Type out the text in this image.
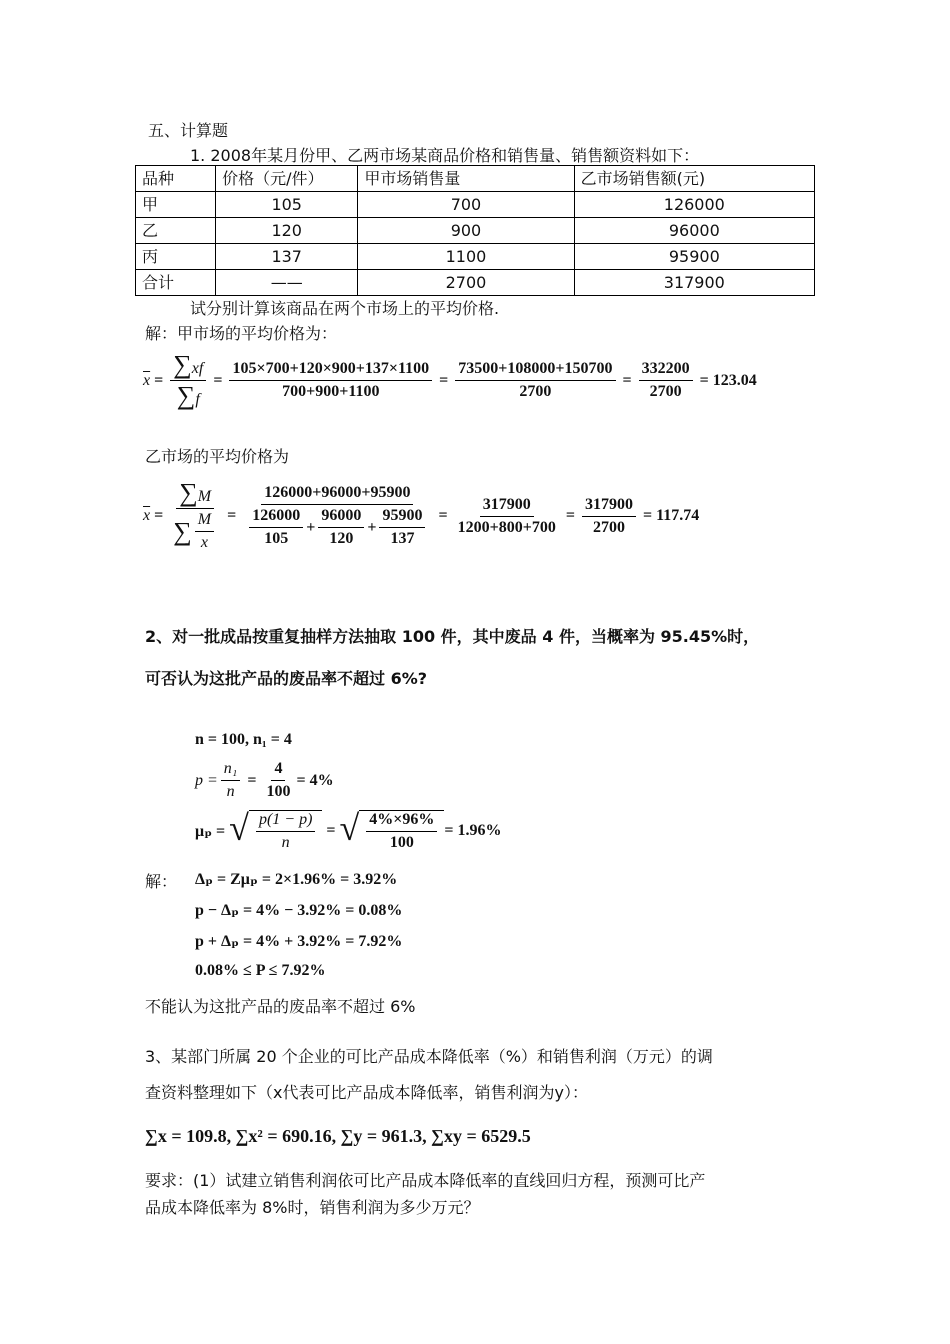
五、计算题
1. 2008年某月份甲、乙两市场某商品价格和销售量、销售额资料如下：
品种	价格（元/件）	甲市场销售量	乙市场销售额(元)
甲	105	700	126000
乙	120	900	96000
丙	137	1100	95900
合计	——	2700	317900
试分别计算该商品在两个市场上的平均价格.
解：甲市场的平均价格为：
$\overline{x} = \frac{\sum xf}{\sum f} = \frac{105\times 700+120\times 900+137\times 1100}{700+900+1100} = \frac{73500+108000+150700}{2700} = \frac{332200}{2700} = 123.04$
乙市场的平均价格为
$\overline{x} = \frac{\sum M}{\sum \frac{M}{x}} = \frac{126000+96000+95900}{\frac{126000}{105} + \frac{96000}{120} + \frac{95900}{137}} = \frac{317900}{1200+800+700} = \frac{317900}{2700} = 117.74$
2、对一批成品按重复抽样方法抽取 100 件，其中废品 4 件，当概率为 95.45%时，
可否认为这批产品的废品率不超过 6%?
n = 100, n₁ = 4
$p = \frac{\text{n₁}}{n} = \frac{4}{100} = 4\%$
μₚ = √ $\frac{p(1 - p)}{n}$ = √ $\frac{4\%\times 96\%}{100} = 1.96\%$
解： Δₚ = Zμₚ = 2×1.96% = 3.92%
p − Δₚ = 4% − 3.92% = 0.08%
p + Δₚ = 4% + 3.92% = 7.92%
0.08% ≤ P ≤ 7.92%
不能认为这批产品的废品率不超过 6%
3、某部门所属 20 个企业的可比产品成本降低率（%）和销售利润（万元）的调
查资料整理如下（x代表可比产品成本降低率，销售利润为y）：
∑x = 109.8, ∑x² = 690.16, ∑y = 961.3, ∑xy = 6529.5
要求：(1）试建立销售利润依可比产品成本降低率的直线回归方程，预测可比产
品成本降低率为 8%时，销售利润为多少万元？
